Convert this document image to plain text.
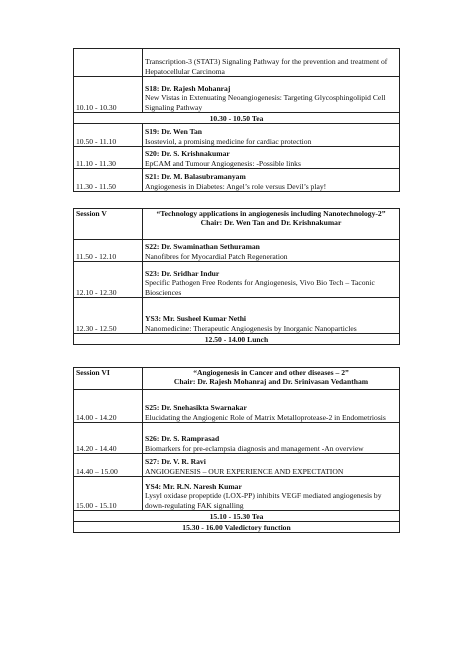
	Transcription-3 (STAT3) Signaling Pathway for the prevention and treatment of Hepatocellular Carcinoma

10.10 - 10.30	S18: Dr. Rajesh Mohanraj
New Vistas in Extenuating Neoangiogenesis: Targeting Glycosphingolipid Cell Signaling Pathway

10.30 - 10.50 Tea	

10.50 - 11.10	S19: Dr. Wen Tan
Isosteviol, a promising medicine for cardiac protection

11.10 - 11.30	S20: Dr. S. Krishnakumar
EpCAM and Tumour Angiogenesis: -Possible links

11.30 - 11.50	S21: Dr. M. Balasubramanyam
Angiogenesis in Diabetes: Angel’s role versus Devil’s play!
Session V	“Technology applications in angiogenesis including Nanotechnology-2”
Chair: Dr. Wen Tan and Dr. Krishnakumar

11.50 - 12.10	S22: Dr. Swaminathan Sethuraman
Nanofibres for Myocardial Patch Regeneration

12.10 - 12.30	S23: Dr. Sridhar Indur
Specific Pathogen Free Rodents for Angiogenesis, Vivo Bio Tech – Taconic Biosciences

12.30 - 12.50	YS3: Mr. Susheel Kumar Nethi
Nanomedicine: Therapeutic Angiogenesis by Inorganic Nanoparticles

12.50 - 14.00 Lunch	
Session VI	“Angiogenesis in Cancer and other diseases – 2”
Chair: Dr. Rajesh Mohanraj and Dr. Srinivasan Vedantham

14.00 - 14.20	S25: Dr. Snehasikta Swarnakar
Elucidating the Angiogenic Role of Matrix Metalloprotease-2 in Endometriosis

14.20 - 14.40	S26: Dr. S. Ramprasad
Biomarkers for pre-eclampsia diagnosis and management -An overview

14.40 – 15.00	S27: Dr. V. R. Ravi
ANGIOGENESIS – OUR EXPERIENCE AND EXPECTATION

15.00 - 15.10	YS4: Mr. R.N. Naresh Kumar
Lysyl oxidase propeptide (LOX-PP) inhibits VEGF mediated angiogenesis by down-regulating FAK signalling

15.10 - 15.30 Tea	

15.30 - 16.00 Valedictory function	
